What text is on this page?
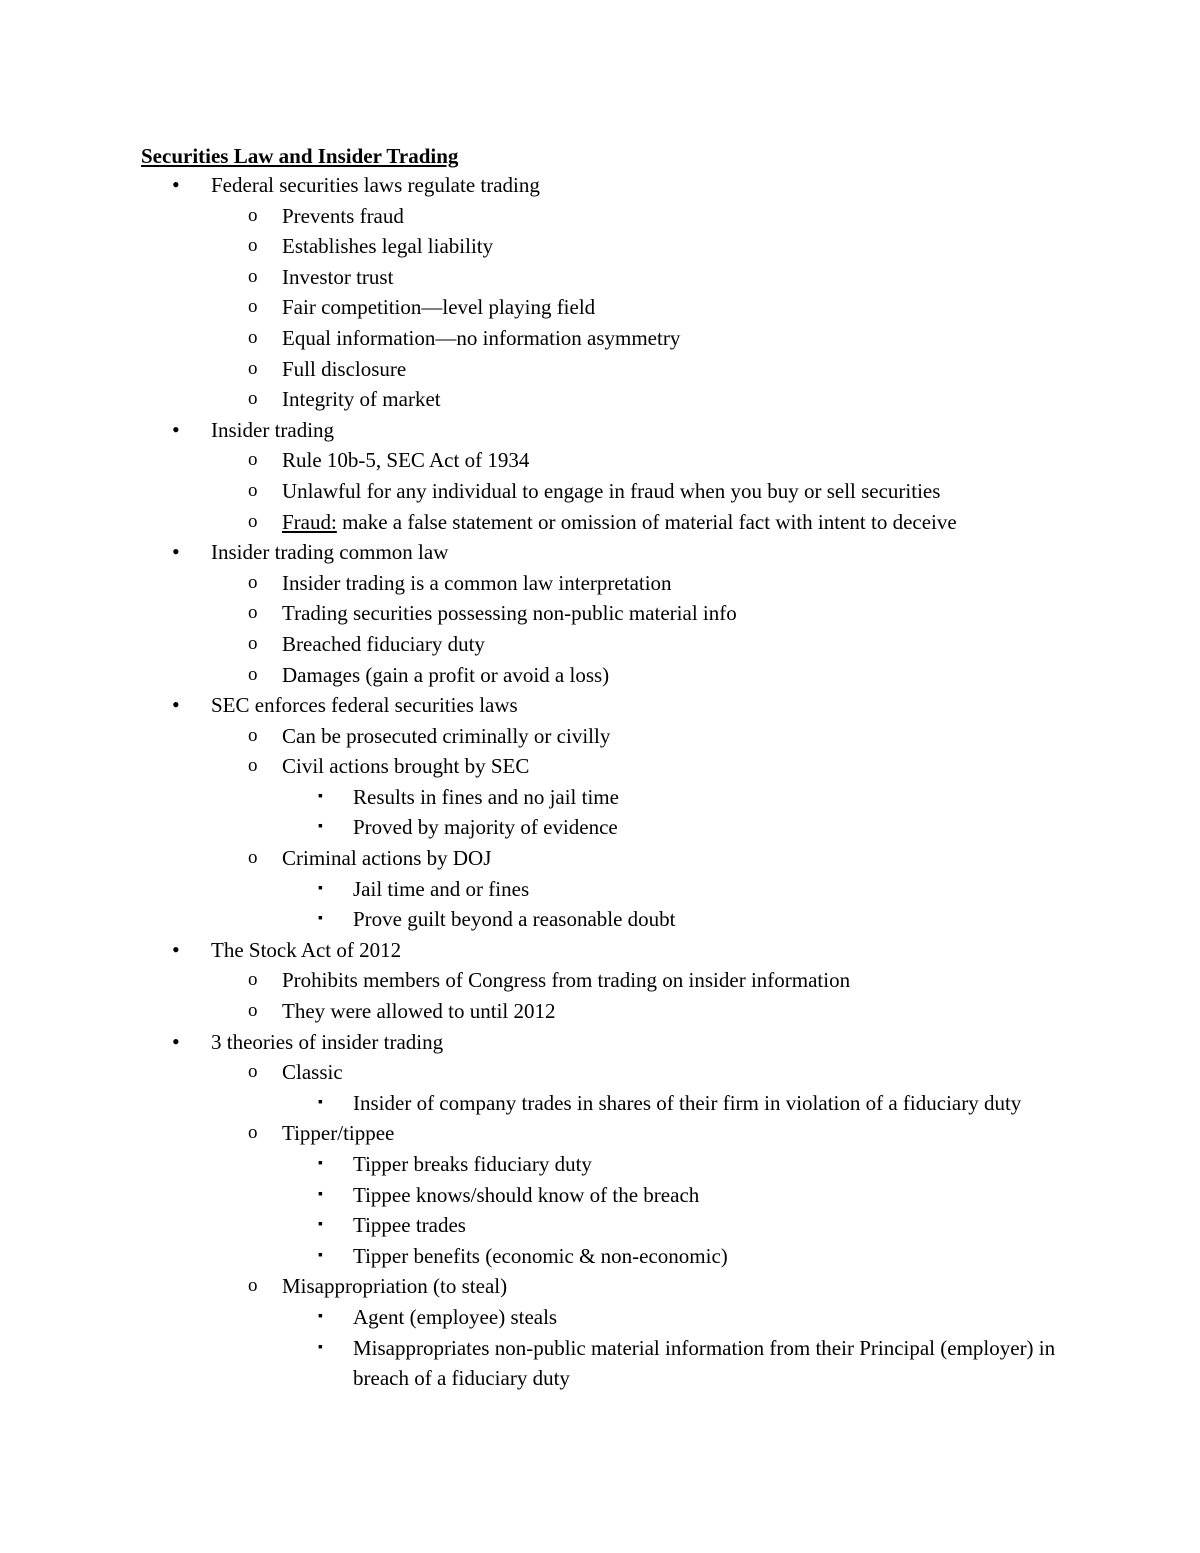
Securities Law and Insider Trading
• Federal securities laws regulate trading
o Prevents fraud
o Establishes legal liability
o Investor trust
o Fair competition—level playing field
o Equal information—no information asymmetry
o Full disclosure
o Integrity of market
• Insider trading
o Rule 10b-5, SEC Act of 1934
o Unlawful for any individual to engage in fraud when you buy or sell securities
o Fraud: make a false statement or omission of material fact with intent to deceive
• Insider trading common law
o Insider trading is a common law interpretation
o Trading securities possessing non-public material info
o Breached fiduciary duty
o Damages (gain a profit or avoid a loss)
• SEC enforces federal securities laws
o Can be prosecuted criminally or civilly
o Civil actions brought by SEC
▪ Results in fines and no jail time
▪ Proved by majority of evidence
o Criminal actions by DOJ
▪ Jail time and or fines
▪ Prove guilt beyond a reasonable doubt
• The Stock Act of 2012
o Prohibits members of Congress from trading on insider information
o They were allowed to until 2012
• 3 theories of insider trading
o Classic
▪ Insider of company trades in shares of their firm in violation of a fiduciary duty
o Tipper/tippee
▪ Tipper breaks fiduciary duty
▪ Tippee knows/should know of the breach
▪ Tippee trades
▪ Tipper benefits (economic & non-economic)
o Misappropriation (to steal)
▪ Agent (employee) steals
▪ Misappropriates non-public material information from their Principal (employer) in breach of a fiduciary duty
